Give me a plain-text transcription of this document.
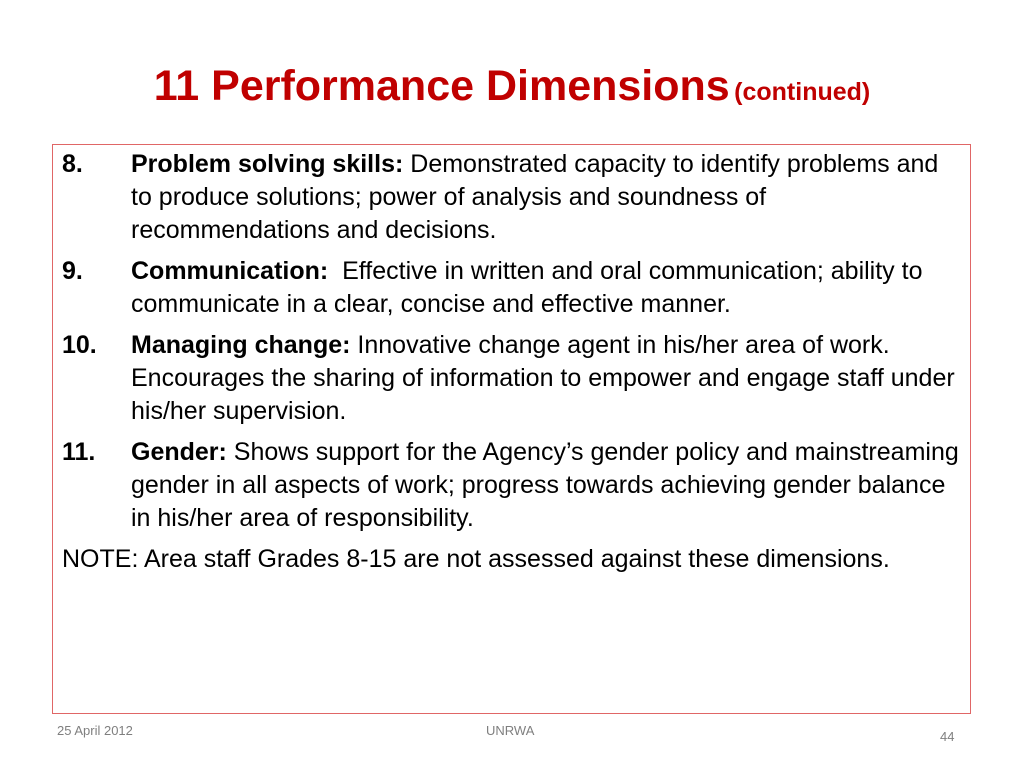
11 Performance Dimensions (continued)
8. Problem solving skills: Demonstrated capacity to identify problems and to produce solutions; power of analysis and soundness of recommendations and decisions.
9. Communication:  Effective in written and oral communication; ability to communicate in a clear, concise and effective manner.
10. Managing change: Innovative change agent in his/her area of work. Encourages the sharing of information to empower and engage staff under his/her supervision.
11. Gender: Shows support for the Agency’s gender policy and mainstreaming gender in all aspects of work; progress towards achieving gender balance in his/her area of responsibility.
NOTE: Area staff Grades 8-15 are not assessed against these dimensions.
25 April 2012	UNRWA	44
